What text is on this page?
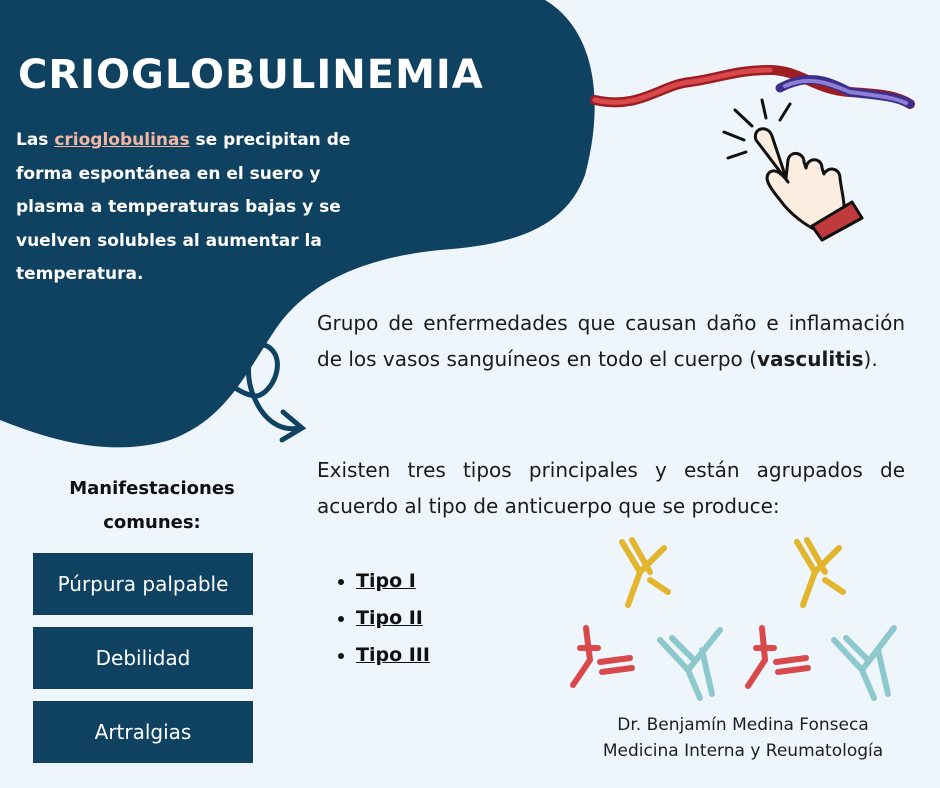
CRIOGLOBULINEMIA

Las crioglobulinas se precipitan de forma espontánea en el suero y plasma a temperaturas bajas y se vuelven solubles al aumentar la temperatura.

Grupo de enfermedades que causan daño e inflamación de los vasos sanguíneos en todo el cuerpo (vasculitis).

Existen tres tipos principales y están agrupados de acuerdo al tipo de anticuerpo que se produce:

• Tipo I
• Tipo II
• Tipo III
Manifestaciones
comunes:
Púrpura palpable
Debilidad
Artralgias	Dr. Benjamín Medina Fonseca
Medicina Interna y Reumatología
